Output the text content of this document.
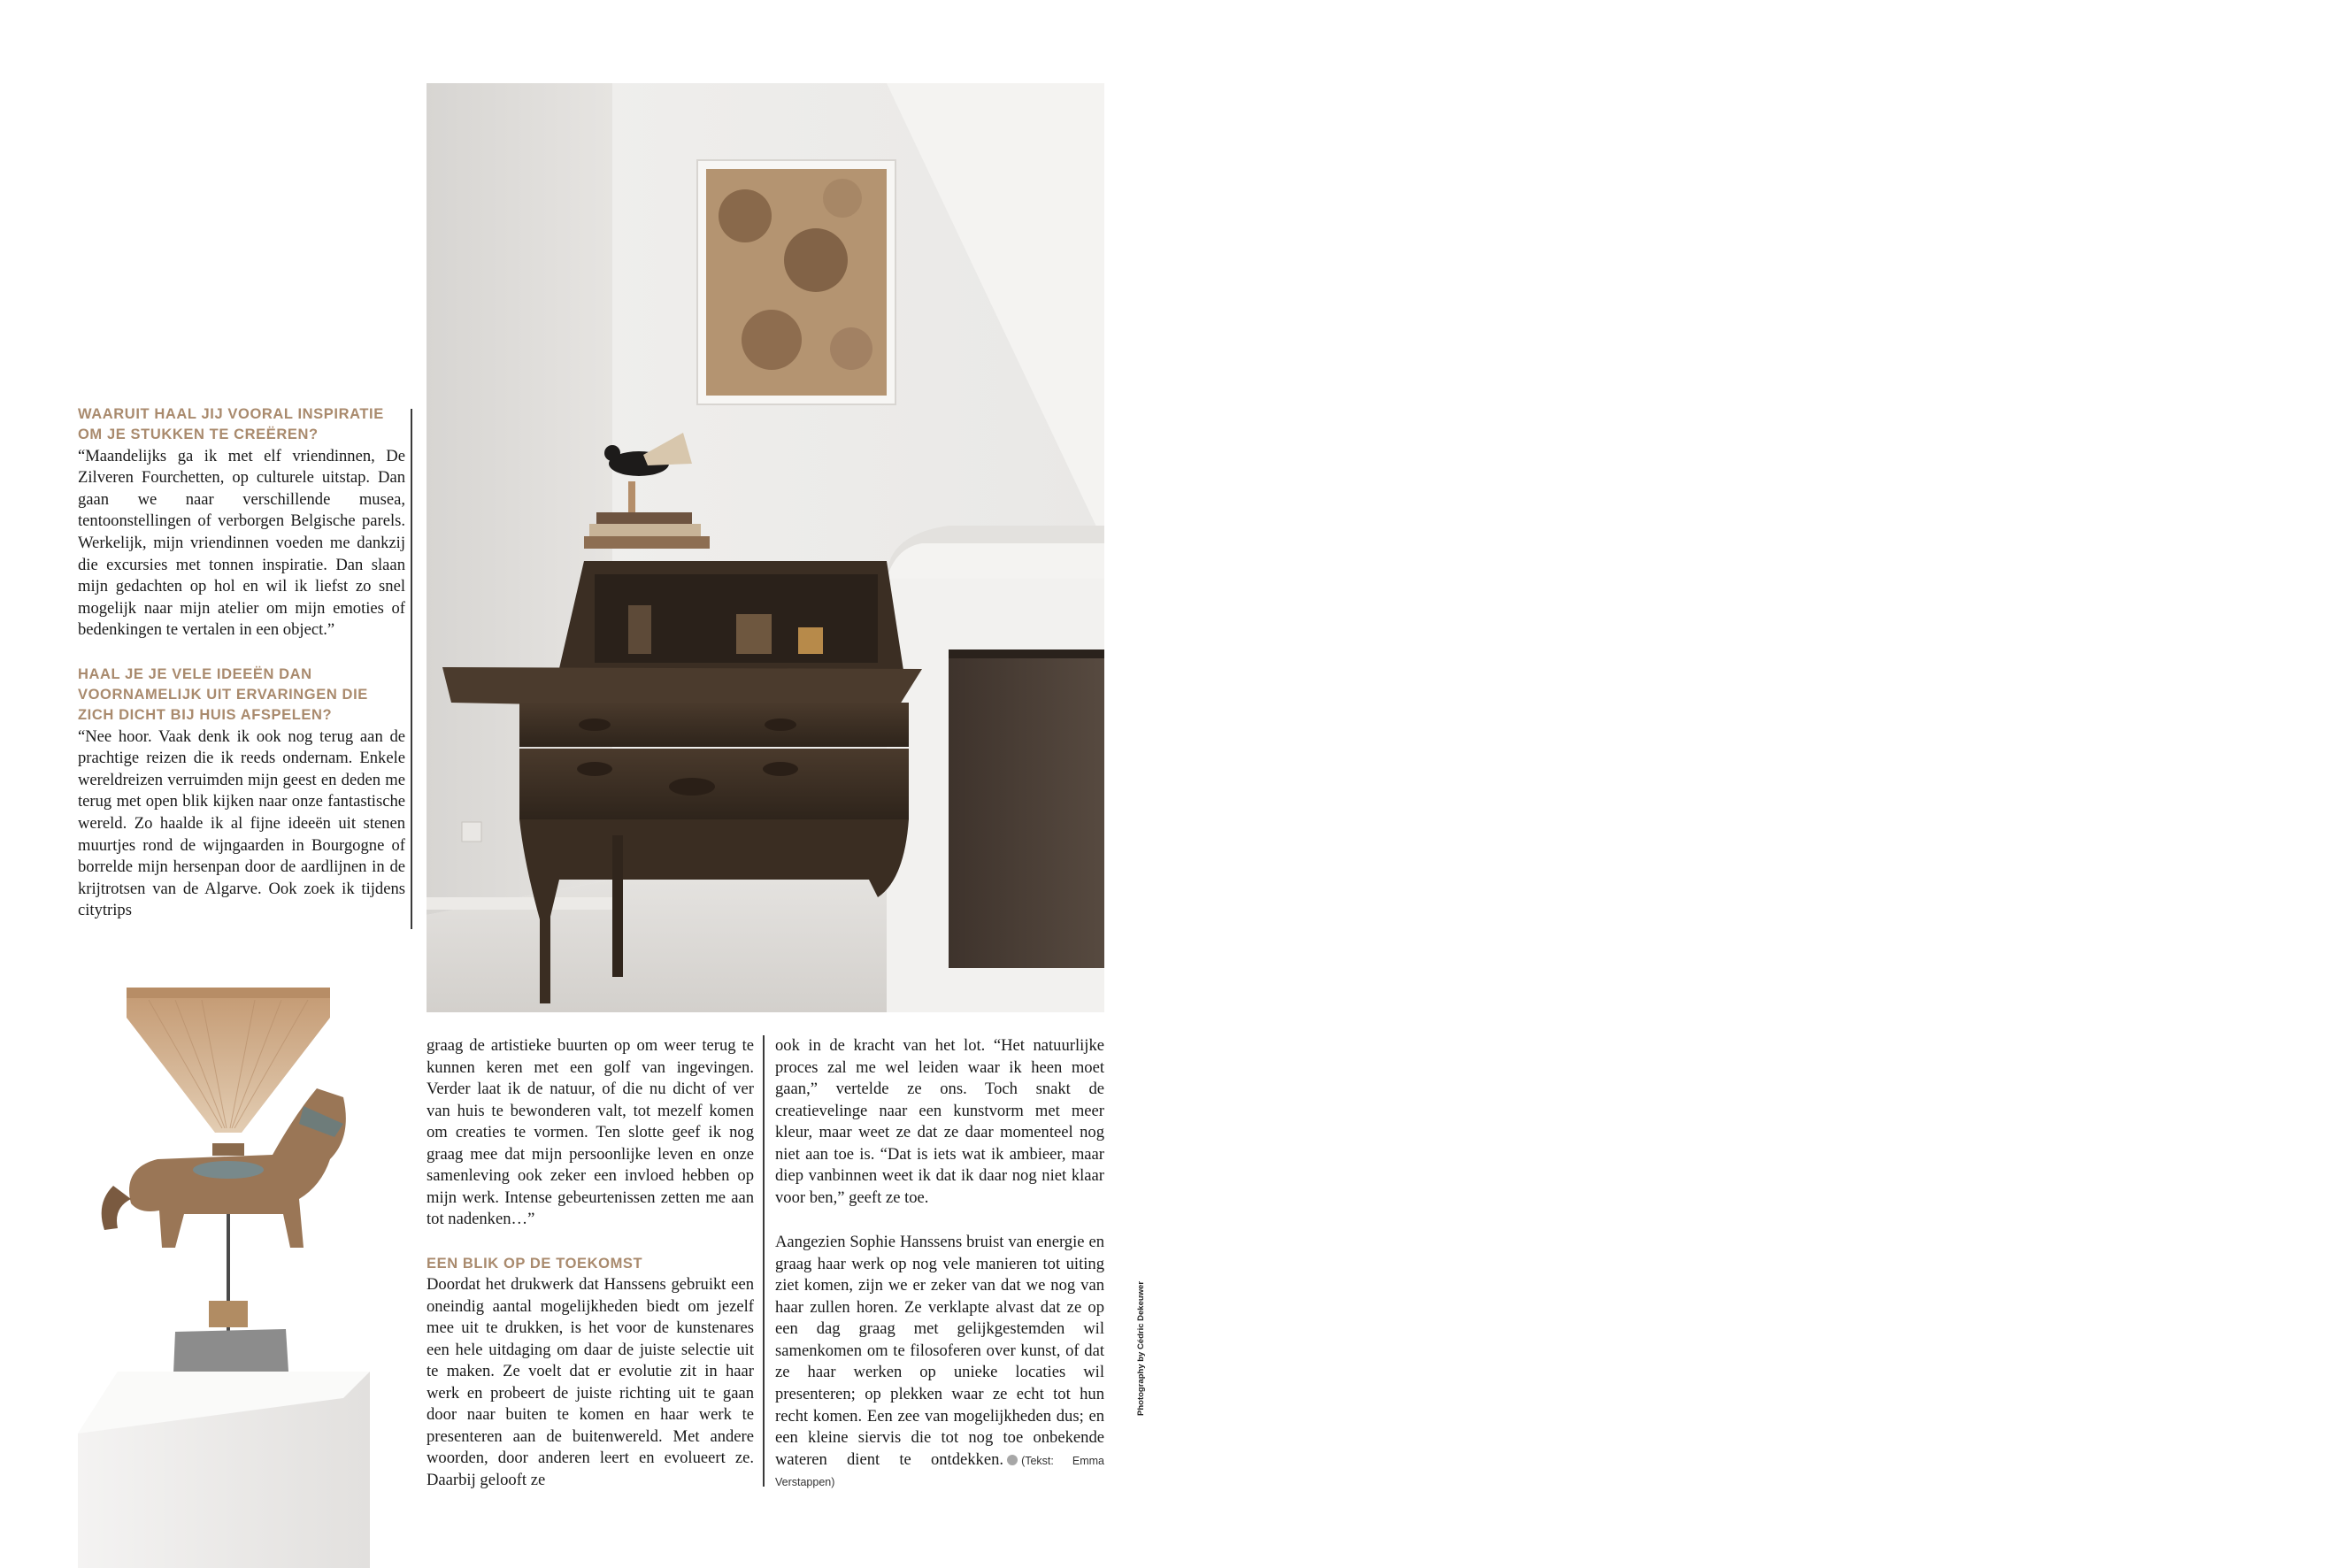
WAARUIT HAAL JIJ VOORAL INSPIRATIE OM JE STUKKEN TE CREËREN?

“Maandelijks ga ik met elf vriendinnen, De Zilveren Fourchetten, op culturele uitstap. Dan gaan we naar verschillende musea, tentoonstellingen of verborgen Belgische parels. Werkelijk, mijn vriendinnen voeden me dankzij die excursies met tonnen inspiratie. Dan slaan mijn gedachten op hol en wil ik liefst zo snel mogelijk naar mijn atelier om mijn emoties of bedenkingen te vertalen in een object.”

HAAL JE JE VELE IDEEËN DAN VOORNAMELIJK UIT ERVARINGEN DIE ZICH DICHT BIJ HUIS AFSPELEN?

“Nee hoor. Vaak denk ik ook nog terug aan de prachtige reizen die ik reeds ondernam. Enkele wereldreizen verruimden mijn geest en deden me terug met open blik kijken naar onze fantastische wereld. Zo haalde ik al fijne ideeën uit stenen muurtjes rond de wijngaarden in Bourgogne of borrelde mijn hersenpan door de aardlijnen in de krijtrotsen van de Algarve. Ook zoek ik tijdens citytrips

graag de artistieke buurten op om weer terug te kunnen keren met een golf van ingevingen. Verder laat ik de natuur, of die nu dicht of ver van huis te bewonderen valt, tot mezelf komen om creaties te vormen. Ten slotte geef ik nog graag mee dat mijn persoonlijke leven en onze samenleving ook zeker een invloed hebben op mijn werk. Intense gebeurtenissen zetten me aan tot nadenken…”

EEN BLIK OP DE TOEKOMST

Doordat het drukwerk dat Hanssens gebruikt een oneindig aantal mogelijkheden biedt om jezelf mee uit te drukken, is het voor de kunstenares een hele uitdaging om daar de juiste selectie uit te maken. Ze voelt dat er evolutie zit in haar werk en probeert de juiste richting uit te gaan door naar buiten te komen en haar werk te presenteren aan de buitenwereld. Met andere woorden, door anderen leert en evolueert ze. Daarbij gelooft ze

ook in de kracht van het lot. “Het natuurlijke proces zal me wel leiden waar ik heen moet gaan,” vertelde ze ons. Toch snakt de creatievelinge naar een kunstvorm met meer kleur, maar weet ze dat ze daar momenteel nog niet aan toe is. “Dat is iets wat ik ambieer, maar diep vanbinnen weet ik dat ik daar nog niet klaar voor ben,” geeft ze toe.

Aangezien Sophie Hanssens bruist van energie en graag haar werk op nog vele manieren tot uiting ziet komen, zijn we er zeker van dat we nog van haar zullen horen. Ze verklapte alvast dat ze op een dag graag met gelijkgestemden wil samenkomen om te filosoferen over kunst, of dat ze haar werken op unieke locaties wil presenteren; op plekken waar ze echt tot hun recht komen. Een zee van mogelijkheden dus; en een kleine siervis die tot nog toe onbekende wateren dient te ontdekken. (Tekst: Emma Verstappen)

Photography by Cédric Dekeuwer
